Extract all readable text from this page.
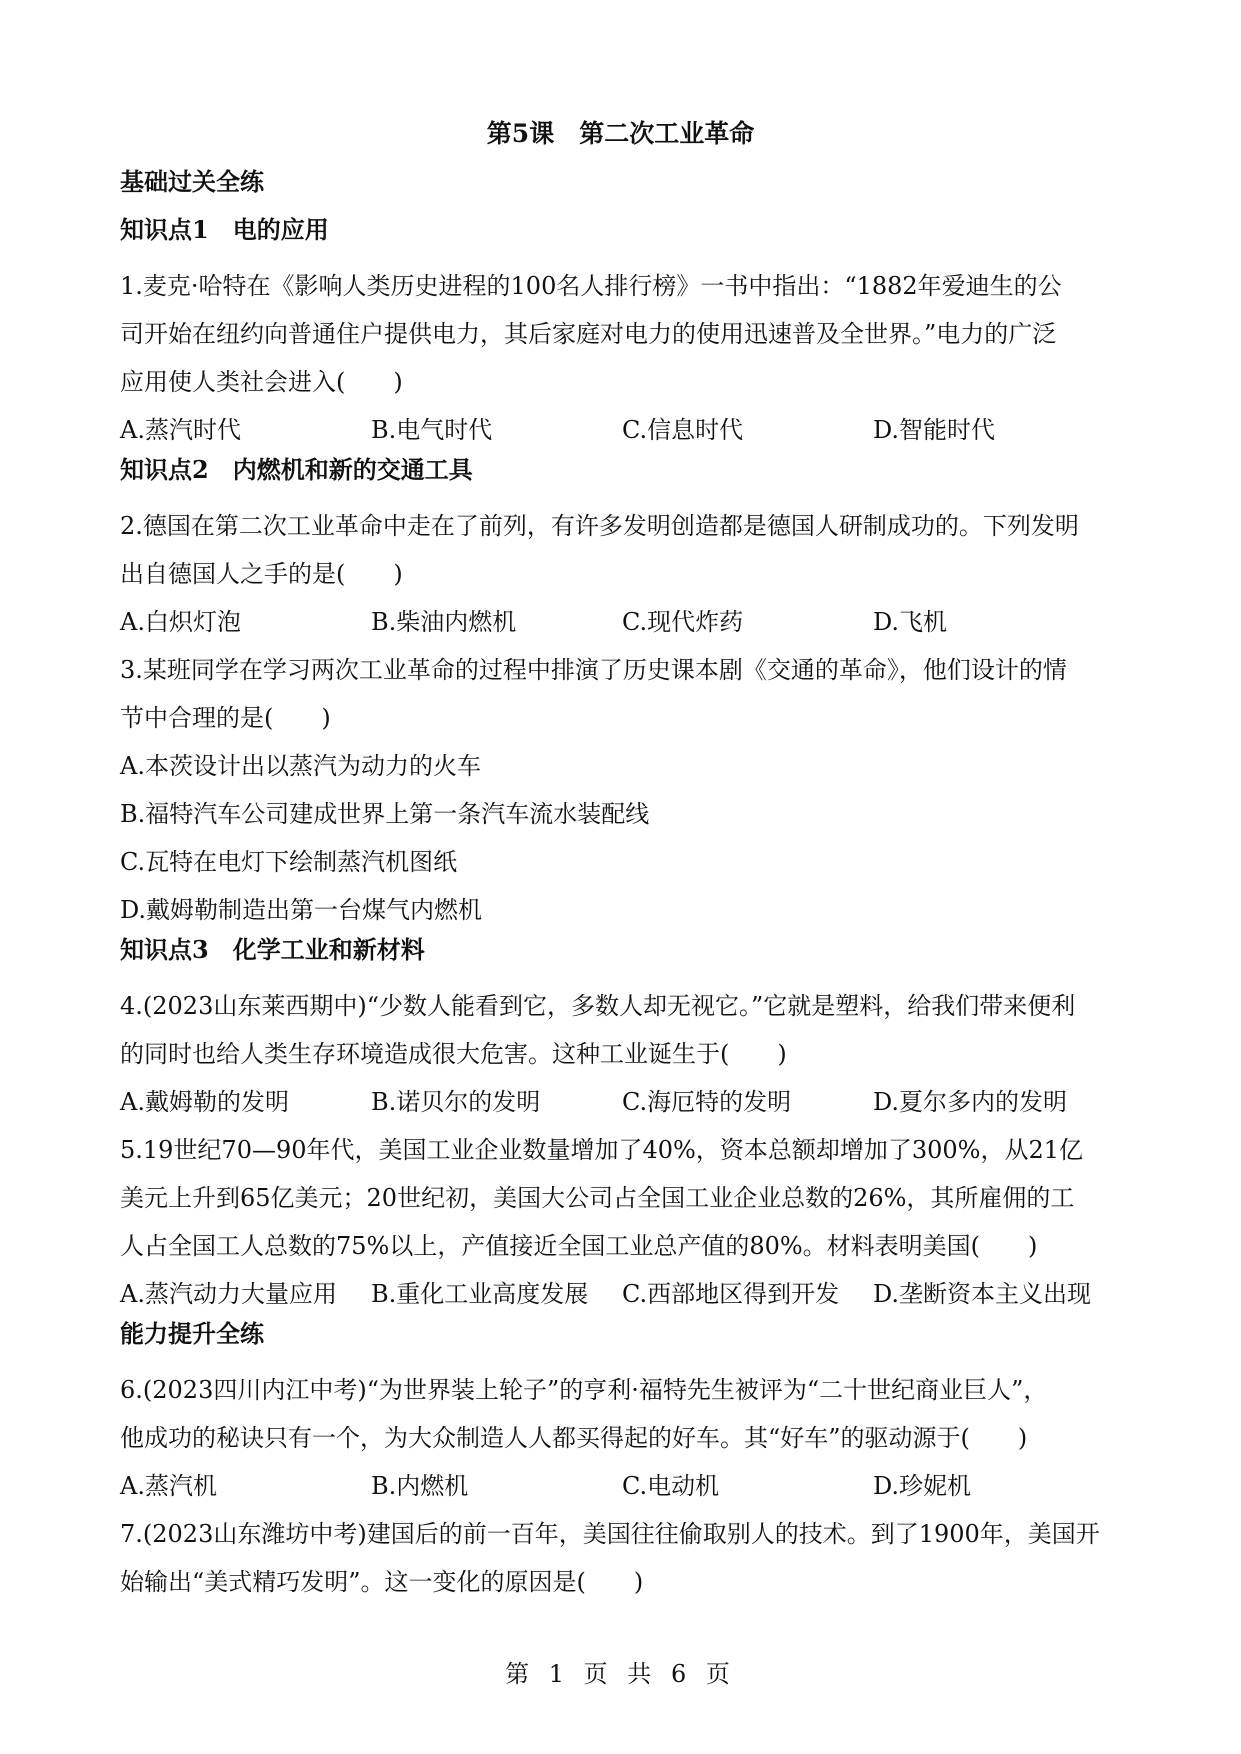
第5课　第二次工业革命
基础过关全练
知识点1　电的应用
1.麦克·哈特在《影响人类历史进程的100名人排行榜》一书中指出：“1882年爱迪生的公
司开始在纽约向普通住户提供电力，其后家庭对电力的使用迅速普及全世界。”电力的广泛
应用使人类社会进入(　　)
A.蒸汽时代	B.电气时代	C.信息时代	D.智能时代
知识点2　内燃机和新的交通工具
2.德国在第二次工业革命中走在了前列，有许多发明创造都是德国人研制成功的。下列发明
出自德国人之手的是(　　)
A.白炽灯泡	B.柴油内燃机	C.现代炸药	D.飞机
3.某班同学在学习两次工业革命的过程中排演了历史课本剧《交通的革命》，他们设计的情
节中合理的是(　　)
A.本茨设计出以蒸汽为动力的火车
B.福特汽车公司建成世界上第一条汽车流水装配线
C.瓦特在电灯下绘制蒸汽机图纸
D.戴姆勒制造出第一台煤气内燃机
知识点3　化学工业和新材料
4.(2023山东莱西期中)“少数人能看到它，多数人却无视它。”它就是塑料，给我们带来便利
的同时也给人类生存环境造成很大危害。这种工业诞生于(　　)
A.戴姆勒的发明	B.诺贝尔的发明	C.海厄特的发明	D.夏尔多内的发明
5.19世纪70—90年代，美国工业企业数量增加了40%，资本总额却增加了300%，从21亿
美元上升到65亿美元；20世纪初，美国大公司占全国工业企业总数的26%，其所雇佣的工
人占全国工人总数的75%以上，产值接近全国工业总产值的80%。材料表明美国(　　)
A.蒸汽动力大量应用	B.重化工业高度发展	C.西部地区得到开发	D.垄断资本主义出现
能力提升全练
6.(2023四川内江中考)“为世界装上轮子”的亨利·福特先生被评为“二十世纪商业巨人”，
他成功的秘诀只有一个，为大众制造人人都买得起的好车。其“好车”的驱动源于(　　)
A.蒸汽机	B.内燃机	C.电动机	D.珍妮机
7.(2023山东潍坊中考)建国后的前一百年，美国往往偷取别人的技术。到了1900年，美国开
始输出“美式精巧发明”。这一变化的原因是(　　)
第 1 页 共 6 页
